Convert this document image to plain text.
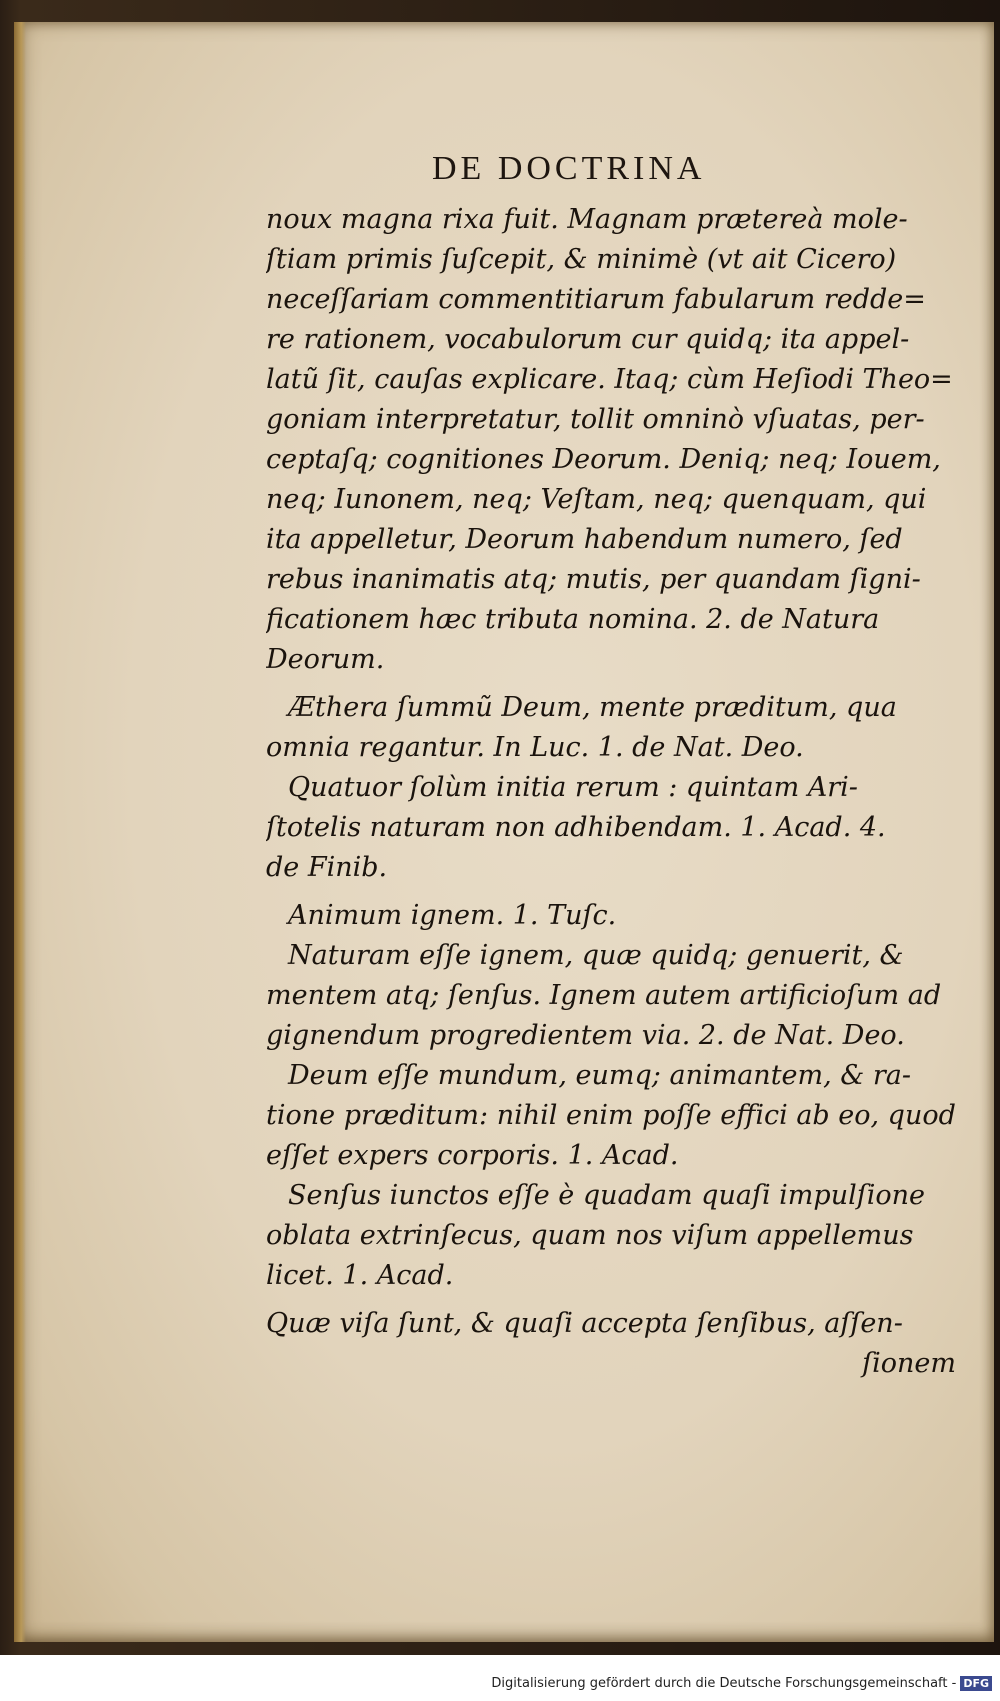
DE DOCTRINA
noux magna rixa fuit. Magnam prӕtereà mole-
ſtiam primis ſuſcepit, & minimè (vt ait Cicero)
neceſſariam commentitiarum fabularum redde=
re rationem, vocabulorum cur quidq; ita appel-
latũ ſit, cauſas explicare. Itaq; cùm Heſiodi Theo=
goniam interpretatur, tollit omninò vſuatas, per-
ceptaſq; cognitiones Deorum. Deniq; neq; Iouem,
neq; Iunonem, neq; Veſtam, neq; quenquam, qui
ita appelletur, Deorum habendum numero, ſed
rebus inanimatis atq; mutis, per quandam ſigni-
ficationem hӕc tributa nomina. 2. de Natura
Deorum.
Æthera ſummũ Deum, mente prӕditum, qua
omnia regantur. In Luc. 1. de Nat. Deo.
Quatuor ſolùm initia rerum : quintam Ari-
ſtotelis naturam non adhibendam. 1. Acad. 4.
de Finib.
Animum ignem. 1. Tuſc.
Naturam eſſe ignem, quӕ quidq; genuerit, &
mentem atq; ſenſus. Ignem autem artificioſum ad
gignendum progredientem via. 2. de Nat. Deo.
Deum eſſe mundum, eumq; animantem, & ra-
tione prӕditum: nihil enim poſſe effici ab eo, quod
eſſet expers corporis. 1. Acad.
Senſus iunctos eſſe è quadam quaſi impulſione
oblata extrinſecus, quam nos viſum appellemus
licet. 1. Acad.
Quӕ viſa ſunt, & quaſi accepta ſenſibus, aſſen-
ſionem
Digitalisierung gefördert durch die Deutsche Forschungsgemeinschaft - DFG
